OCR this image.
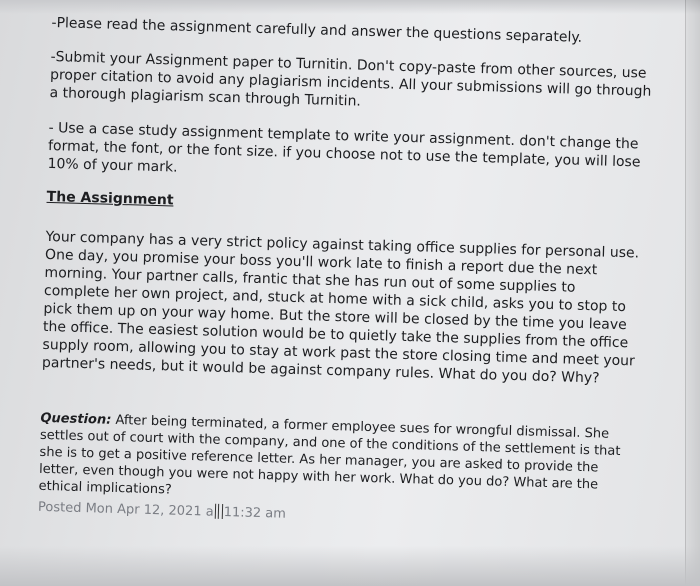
-Please read the assignment carefully and answer the questions separately.

-Submit your Assignment paper to Turnitin. Don't copy-paste from other sources, use proper citation to avoid any plagiarism incidents. All your submissions will go through a thorough plagiarism scan through Turnitin.

- Use a case study assignment template to write your assignment. don't change the format, the font, or the font size. if you choose not to use the template, you will lose 10% of your mark.

The Assignment

Your company has a very strict policy against taking office supplies for personal use. One day, you promise your boss you'll work late to finish a report due the next morning. Your partner calls, frantic that she has run out of some supplies to complete her own project, and, stuck at home with a sick child, asks you to stop to pick them up on your way home. But the store will be closed by the time you leave the office. The easiest solution would be to quietly take the supplies from the office supply room, allowing you to stay at work past the store closing time and meet your partner's needs, but it would be against company rules. What do you do? Why?

Question: After being terminated, a former employee sues for wrongful dismissal. She settles out of court with the company, and one of the conditions of the settlement is that she is to get a positive reference letter. As her manager, you are asked to provide the letter, even though you were not happy with her work. What do you do? What are the ethical implications?

Posted Mon Apr 12, 2021 a 11:32 am
